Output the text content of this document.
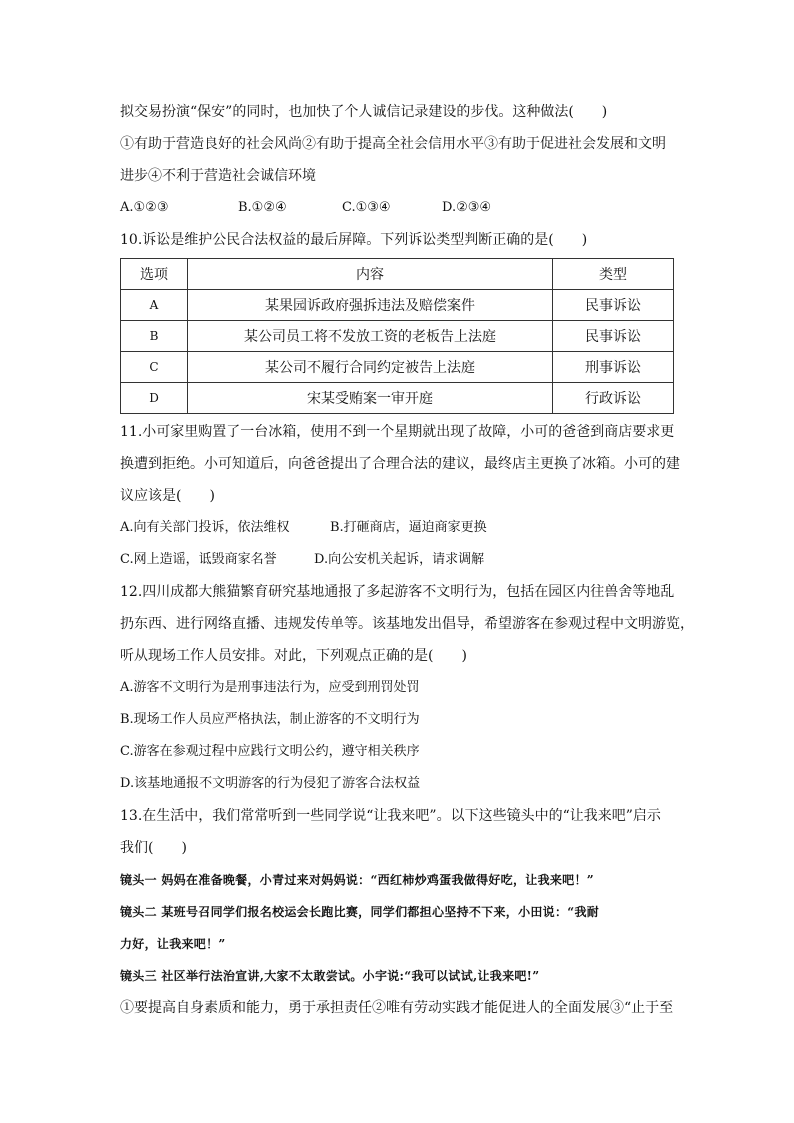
拟交易扮演“保安”的同时，也加快了个人诚信记录建设的步伐。这种做法(　　)
①有助于营造良好的社会风尚②有助于提高全社会信用水平③有助于促进社会发展和文明
进步④不利于营造社会诚信环境
A.①②③	B.①②④	C.①③④	D.②③④
10.诉讼是维护公民合法权益的最后屏障。下列诉讼类型判断正确的是(　　)
选项	内容	类型
A	某果园诉政府强拆违法及赔偿案件	民事诉讼
B	某公司员工将不发放工资的老板告上法庭	民事诉讼
C	某公司不履行合同约定被告上法庭	刑事诉讼
D	宋某受贿案一审开庭	行政诉讼
11.小可家里购置了一台冰箱，使用不到一个星期就出现了故障，小可的爸爸到商店要求更
换遭到拒绝。小可知道后，向爸爸提出了合理合法的建议，最终店主更换了冰箱。小可的建
议应该是(　　)
A.向有关部门投诉，依法维权	B.打砸商店，逼迫商家更换
C.网上造谣，诋毁商家名誉	D.向公安机关起诉，请求调解
12.四川成都大熊猫繁育研究基地通报了多起游客不文明行为，包括在园区内往兽舍等地乱
扔东西、进行网络直播、违规发传单等。该基地发出倡导，希望游客在参观过程中文明游览，
听从现场工作人员安排。对此，下列观点正确的是(　　)
A.游客不文明行为是刑事违法行为，应受到刑罚处罚
B.现场工作人员应严格执法，制止游客的不文明行为
C.游客在参观过程中应践行文明公约，遵守相关秩序
D.该基地通报不文明游客的行为侵犯了游客合法权益
13.在生活中，我们常常听到一些同学说“让我来吧”。以下这些镜头中的“让我来吧”启示
我们(　　)
镜头一 妈妈在准备晚餐，小青过来对妈妈说：“西红柿炒鸡蛋我做得好吃，让我来吧！”
镜头二 某班号召同学们报名校运会长跑比赛，同学们都担心坚持不下来，小田说：“我耐
力好，让我来吧！”
镜头三 社区举行法治宣讲,大家不太敢尝试。小宇说:“我可以试试,让我来吧!”
①要提高自身素质和能力，勇于承担责任②唯有劳动实践才能促进人的全面发展③“止于至
